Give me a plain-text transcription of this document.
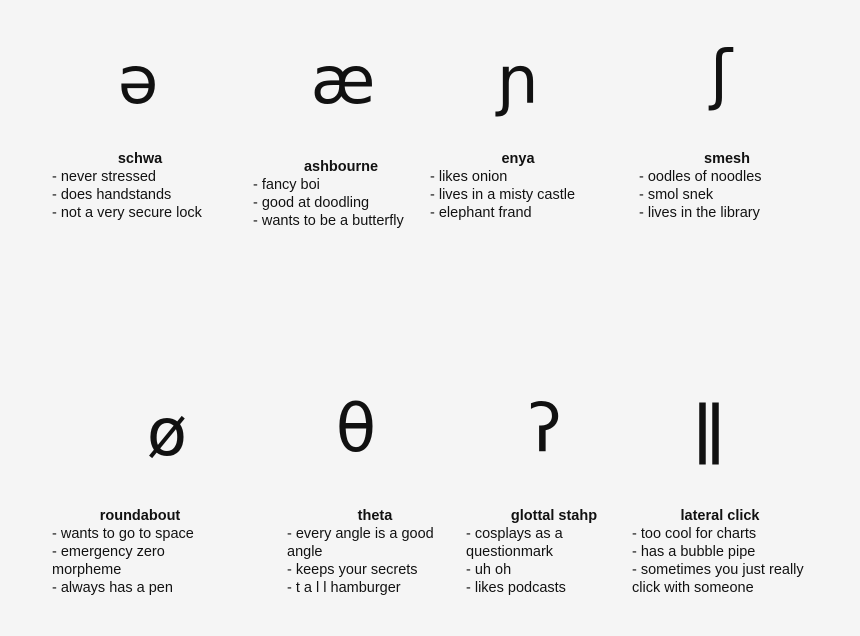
ə	æ	ɲ	ʃ
schwa
- never stressed
- does handstands
- not a very secure lock
ashbourne
- fancy boi
- good at doodling
- wants to be a butterfly
enya
- likes onion
- lives in a misty castle
- elephant frand
smesh
- oodles of noodles
- smol snek
- lives in the library
ø	θ	ʔ	ǁ
roundabout
- wants to go to space
- emergency zero
morpheme
- always has a pen
theta
- every angle is a good
angle
- keeps your secrets
- t a l l hamburger
glottal stahp
- cosplays as a
questionmark
- uh oh
- likes podcasts
lateral click
- too cool for charts
- has a bubble pipe
- sometimes you just really
click with someone
